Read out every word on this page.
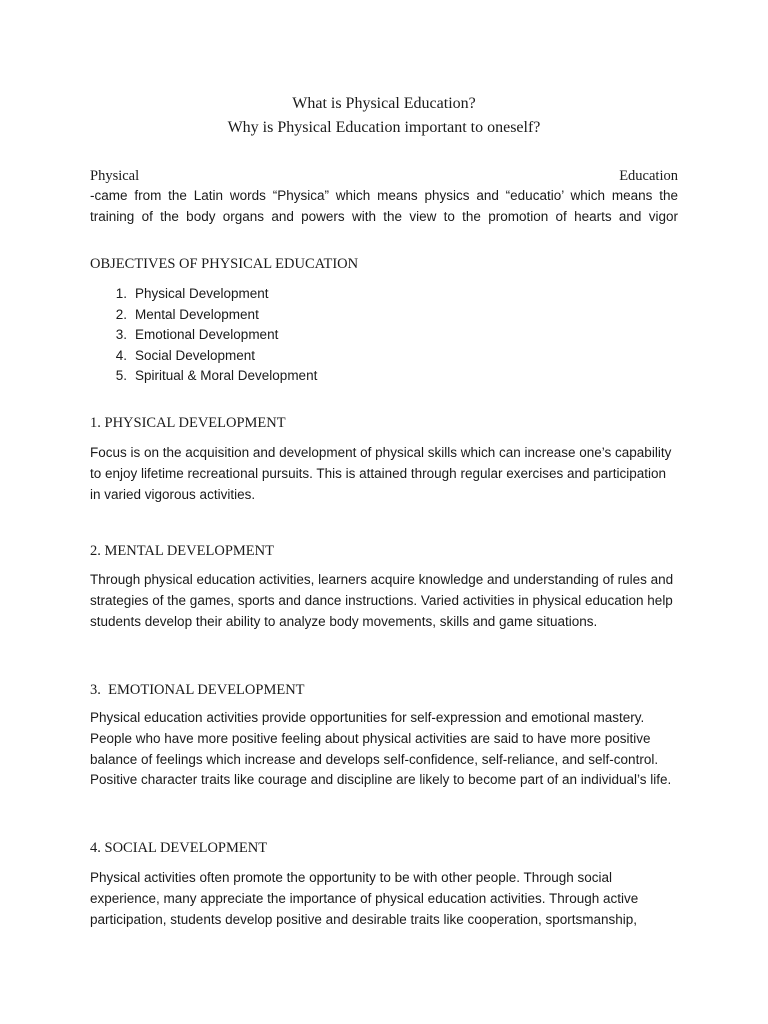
What is Physical Education?
Why is Physical Education important to oneself?
Physical	Education
-came from the Latin words “Physica” which means physics and “educatio’ which means the training of the body organs and powers with the view to the promotion of hearts and vigor
OBJECTIVES OF PHYSICAL EDUCATION
1. Physical Development
2. Mental Development
3. Emotional Development
4. Social Development
5. Spiritual & Moral Development
1. PHYSICAL DEVELOPMENT

Focus is on the acquisition and development of physical skills which can increase one’s capability to enjoy lifetime recreational pursuits. This is attained through regular exercises and participation in varied vigorous activities.

2. MENTAL DEVELOPMENT

Through physical education activities, learners acquire knowledge and understanding of rules and strategies of the games, sports and dance instructions. Varied activities in physical education help students develop their ability to analyze body movements, skills and game situations.

3.  EMOTIONAL DEVELOPMENT

Physical education activities provide opportunities for self-expression and emotional mastery. People who have more positive feeling about physical activities are said to have more positive balance of feelings which increase and develops self-confidence, self-reliance, and self-control. Positive character traits like courage and discipline are likely to become part of an individual’s life.

4. SOCIAL DEVELOPMENT

Physical activities often promote the opportunity to be with other people. Through social experience, many appreciate the importance of physical education activities. Through active participation, students develop positive and desirable traits like cooperation, sportsmanship,
